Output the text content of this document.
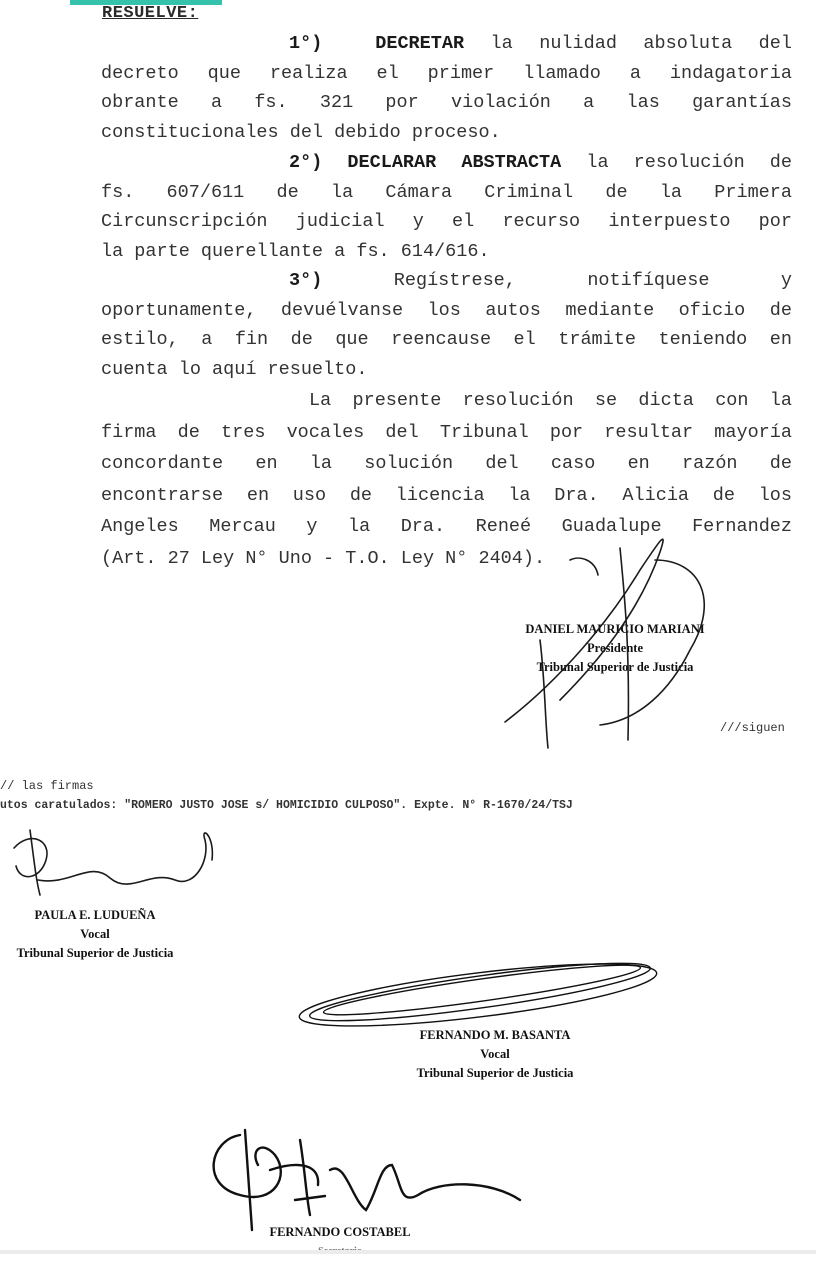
RESUELVE:
1°)	DECRETAR la nulidad absoluta del
decreto que realiza el primer llamado a indagatoria
obrante a fs. 321 por violación a las garantías
constitucionales del debido proceso.
2°) DECLARAR ABSTRACTA la resolución de
fs. 607/611 de la Cámara Criminal de la Primera
Circunscripción judicial y el recurso interpuesto por
la parte querellante a fs. 614/616.
3°) Regístrese, notifíquese y
oportunamente, devuélvanse los autos mediante oficio de
estilo, a fin de que reencause el trámite teniendo en
cuenta lo aquí resuelto.
La presente resolución se dicta con la
firma de tres vocales del Tribunal por resultar mayoría
concordante en la solución del caso en razón de
encontrarse en uso de licencia la Dra. Alicia de los
Angeles Mercau y la Dra. Reneé Guadalupe Fernandez
(Art. 27 Ley N° Uno - T.O. Ley N° 2404).
DANIEL MAURICIO MARIANI
Presidente
Tribunal Superior de Justicia
///siguen
// las firmas
utos caratulados: "ROMERO JUSTO JOSE s/ HOMICIDIO CULPOSO". Expte. N° R-1670/24/TSJ
PAULA E. LUDUEÑA
Vocal
Tribunal Superior de Justicia
FERNANDO M. BASANTA
Vocal
Tribunal Superior de Justicia
FERNANDO COSTABEL
